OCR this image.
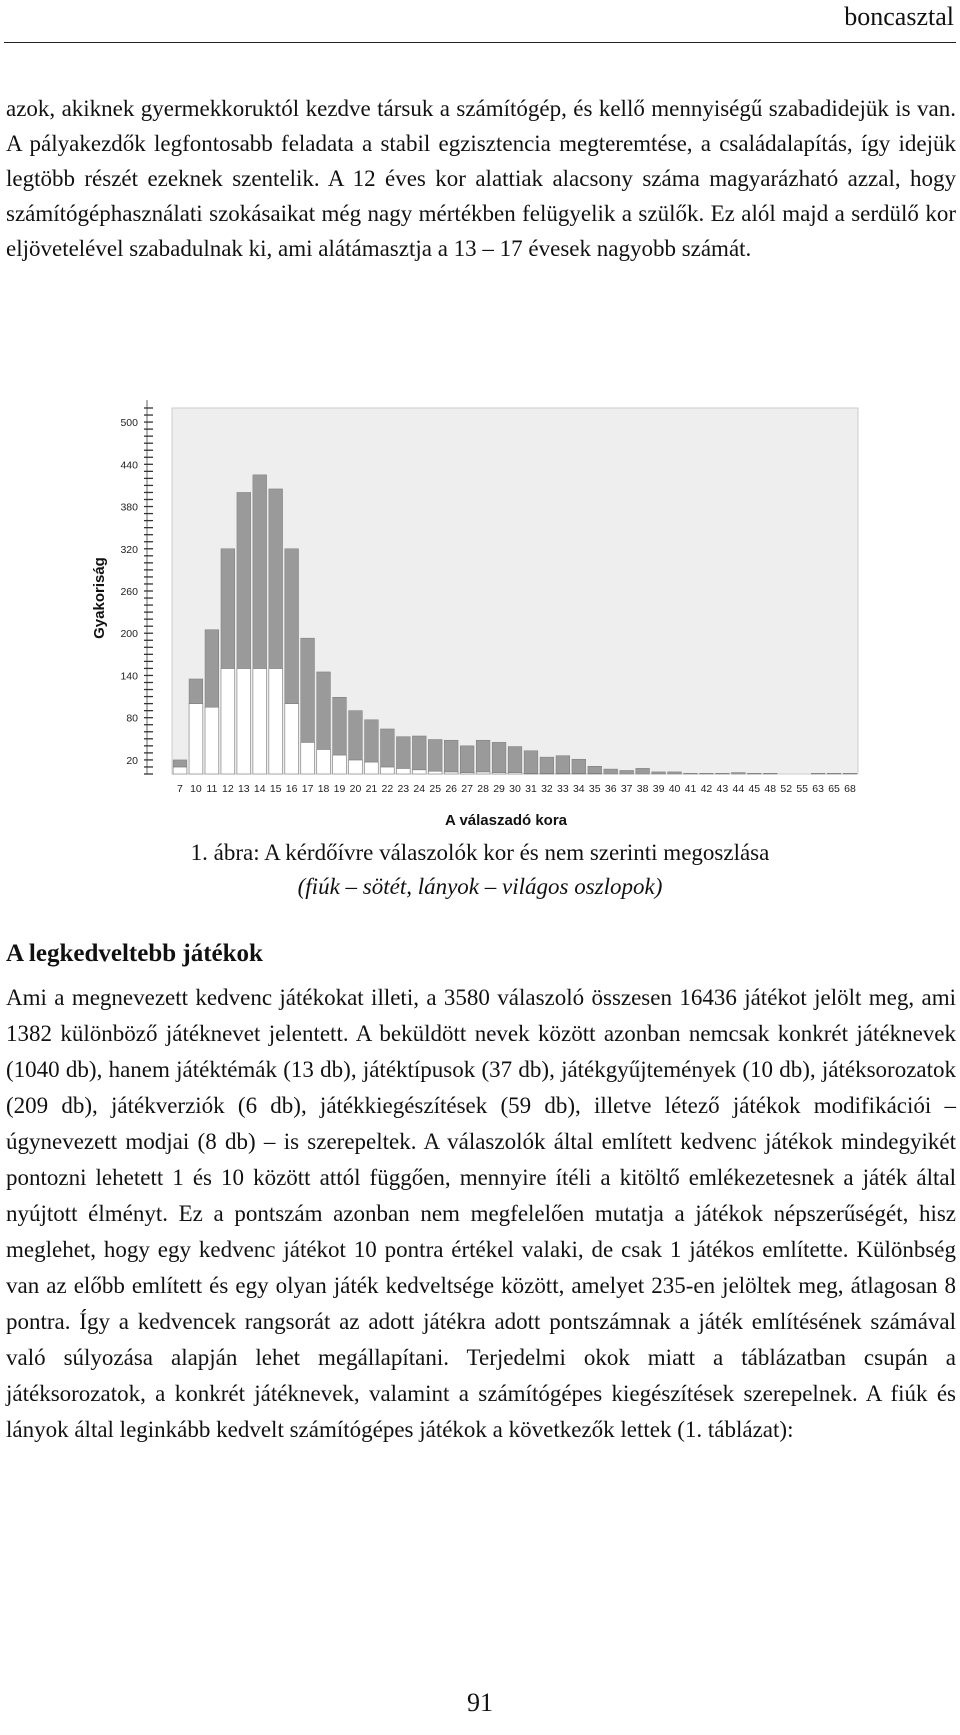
boncasztal

azok, akiknek gyermekkoruktól kezdve társuk a számítógép, és kellő mennyiségű szabadidejük is van. A pályakezdők legfontosabb feladata a stabil egzisztencia megteremtése, a családalapítás, így idejük legtöbb részét ezeknek szentelik. A 12 éves kor alattiak alacsony száma magyarázható azzal, hogy számítógéphasználati szokásaikat még nagy mértékben felügyelik a szülők. Ez alól majd a serdülő kor eljövetelével szabadulnak ki, ami alátámasztja a 13 – 17 évesek nagyobb számát.

20
80
140
200
260
320
380
440
500
7 10 11 12 13 14 15 16 17 18 19 20 21 22 23 24 25 26 27 28 29 30 31 32 33 34 35 36 37 38 39 40 41 42 43 44 45 48 52 55 63 65 68
Gyakoriság
A válaszadó kora
1. ábra: A kérdőívre válaszolók kor és nem szerinti megoszlása
(fiúk – sötét, lányok – világos oszlopok)
A legkedveltebb játékok

Ami a megnevezett kedvenc játékokat illeti, a 3580 válaszoló összesen 16436 játékot jelölt meg, ami 1382 különböző játéknevet jelentett. A beküldött nevek között azonban nemcsak konkrét játéknevek (1040 db), hanem játéktémák (13 db), játéktípusok (37 db), játékgyűjtemények (10 db), játéksorozatok (209 db), játékverziók (6 db), játékkiegészítések (59 db), illetve létező játékok modifikációi – úgynevezett modjai (8 db) – is szerepeltek. A válaszolók által említett kedvenc játékok mindegyikét pontozni lehetett 1 és 10 között attól függően, mennyire ítéli a kitöltő emlékezetesnek a játék által nyújtott élményt. Ez a pontszám azonban nem megfelelően mutatja a játékok népszerűségét, hisz meglehet, hogy egy kedvenc játékot 10 pontra értékel valaki, de csak 1 játékos említette. Különbség van az előbb említett és egy olyan játék kedveltsége között, amelyet 235-en jelöltek meg, átlagosan 8 pontra. Így a kedvencek rangsorát az adott játékra adott pontszámnak a játék említésének számával való súlyozása alapján lehet megállapítani. Terjedelmi okok miatt a táblázatban csupán a játéksorozatok, a konkrét játéknevek, valamint a számítógépes kiegészítések szerepelnek. A fiúk és lányok által leginkább kedvelt számítógépes játékok a következők lettek (1. táblázat):

91
